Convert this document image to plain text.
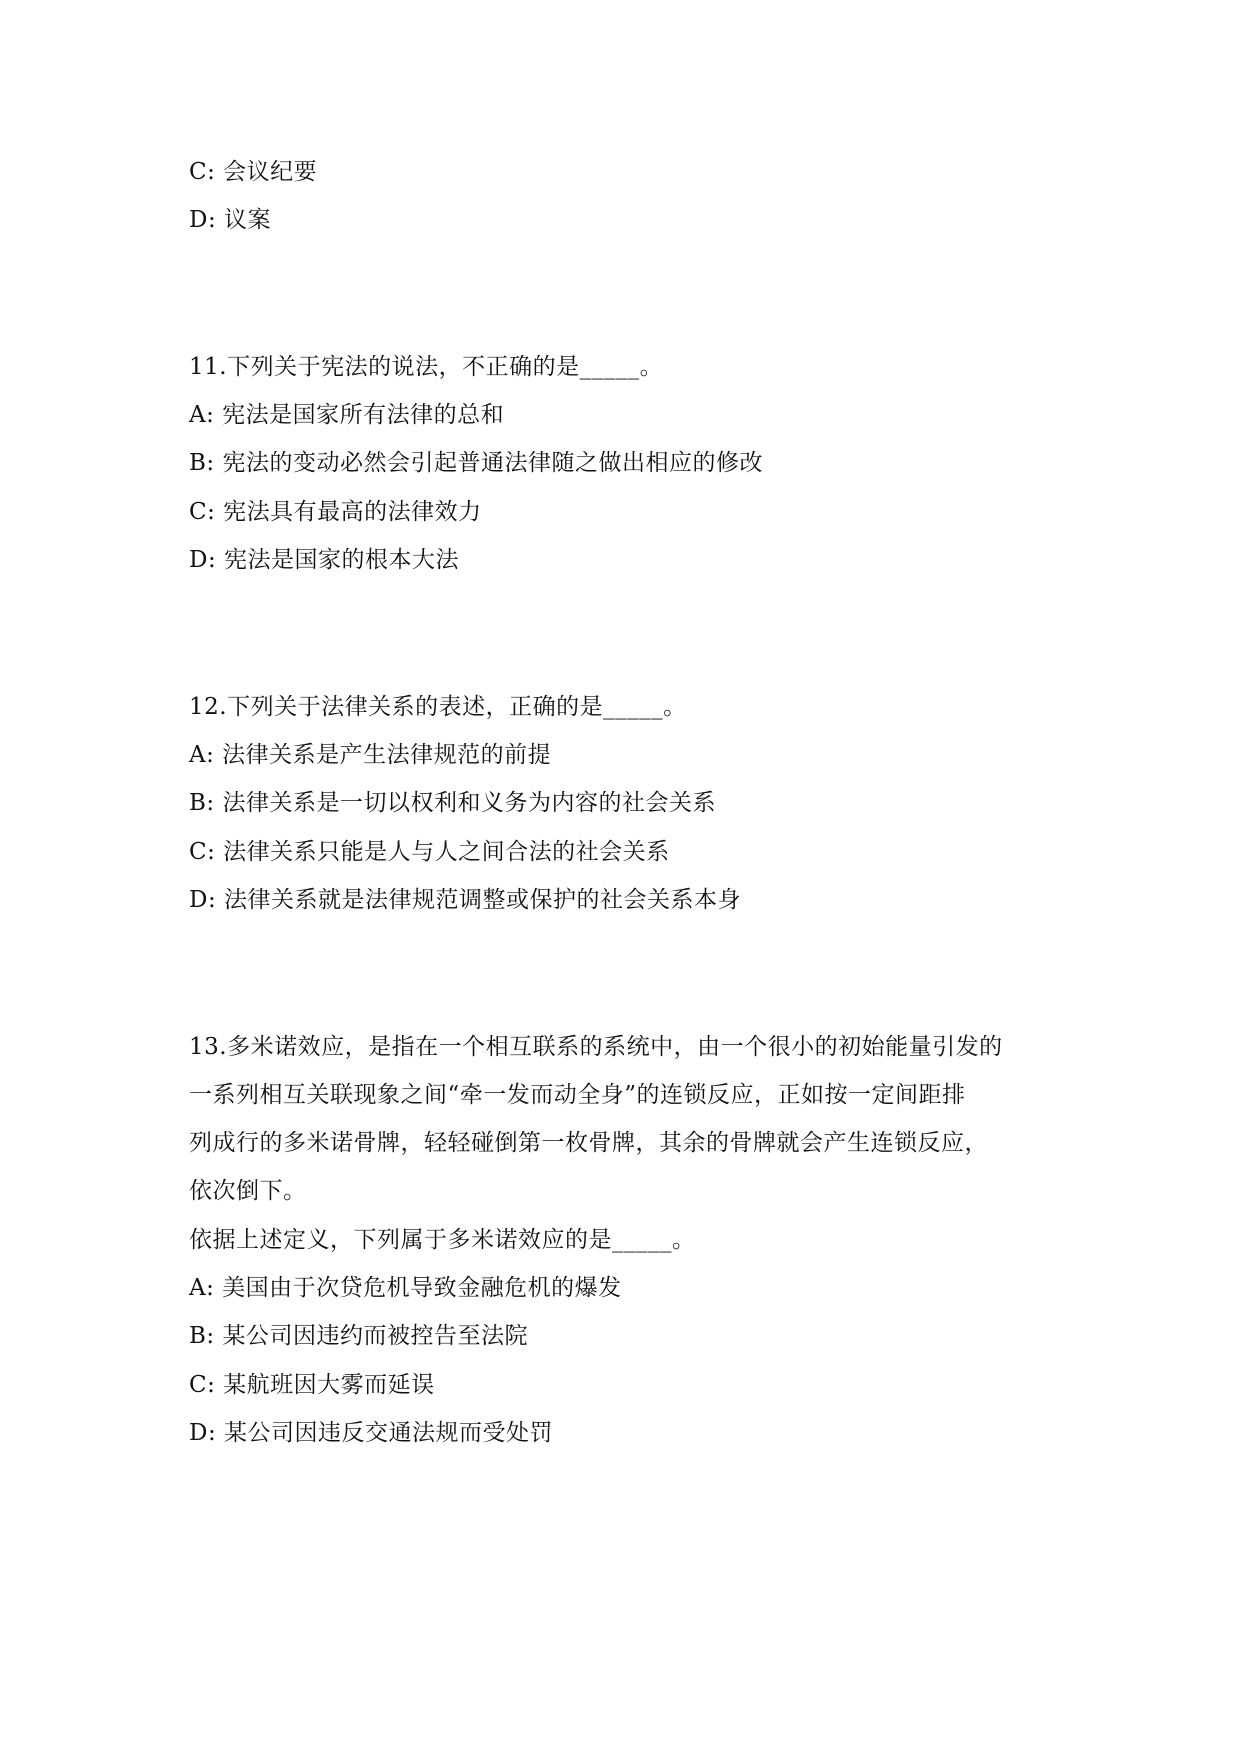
C: 会议纪要
D: 议案
11.下列关于宪法的说法，不正确的是_____。
A: 宪法是国家所有法律的总和
B: 宪法的变动必然会引起普通法律随之做出相应的修改
C: 宪法具有最高的法律效力
D: 宪法是国家的根本大法
12.下列关于法律关系的表述，正确的是_____。
A: 法律关系是产生法律规范的前提
B: 法律关系是一切以权利和义务为内容的社会关系
C: 法律关系只能是人与人之间合法的社会关系
D: 法律关系就是法律规范调整或保护的社会关系本身
13.多米诺效应，是指在一个相互联系的系统中，由一个很小的初始能量引发的
一系列相互关联现象之间“牵一发而动全身”的连锁反应，正如按一定间距排
列成行的多米诺骨牌，轻轻碰倒第一枚骨牌，其余的骨牌就会产生连锁反应，
依次倒下。
依据上述定义，下列属于多米诺效应的是_____。
A: 美国由于次贷危机导致金融危机的爆发
B: 某公司因违约而被控告至法院
C: 某航班因大雾而延误
D: 某公司因违反交通法规而受处罚
